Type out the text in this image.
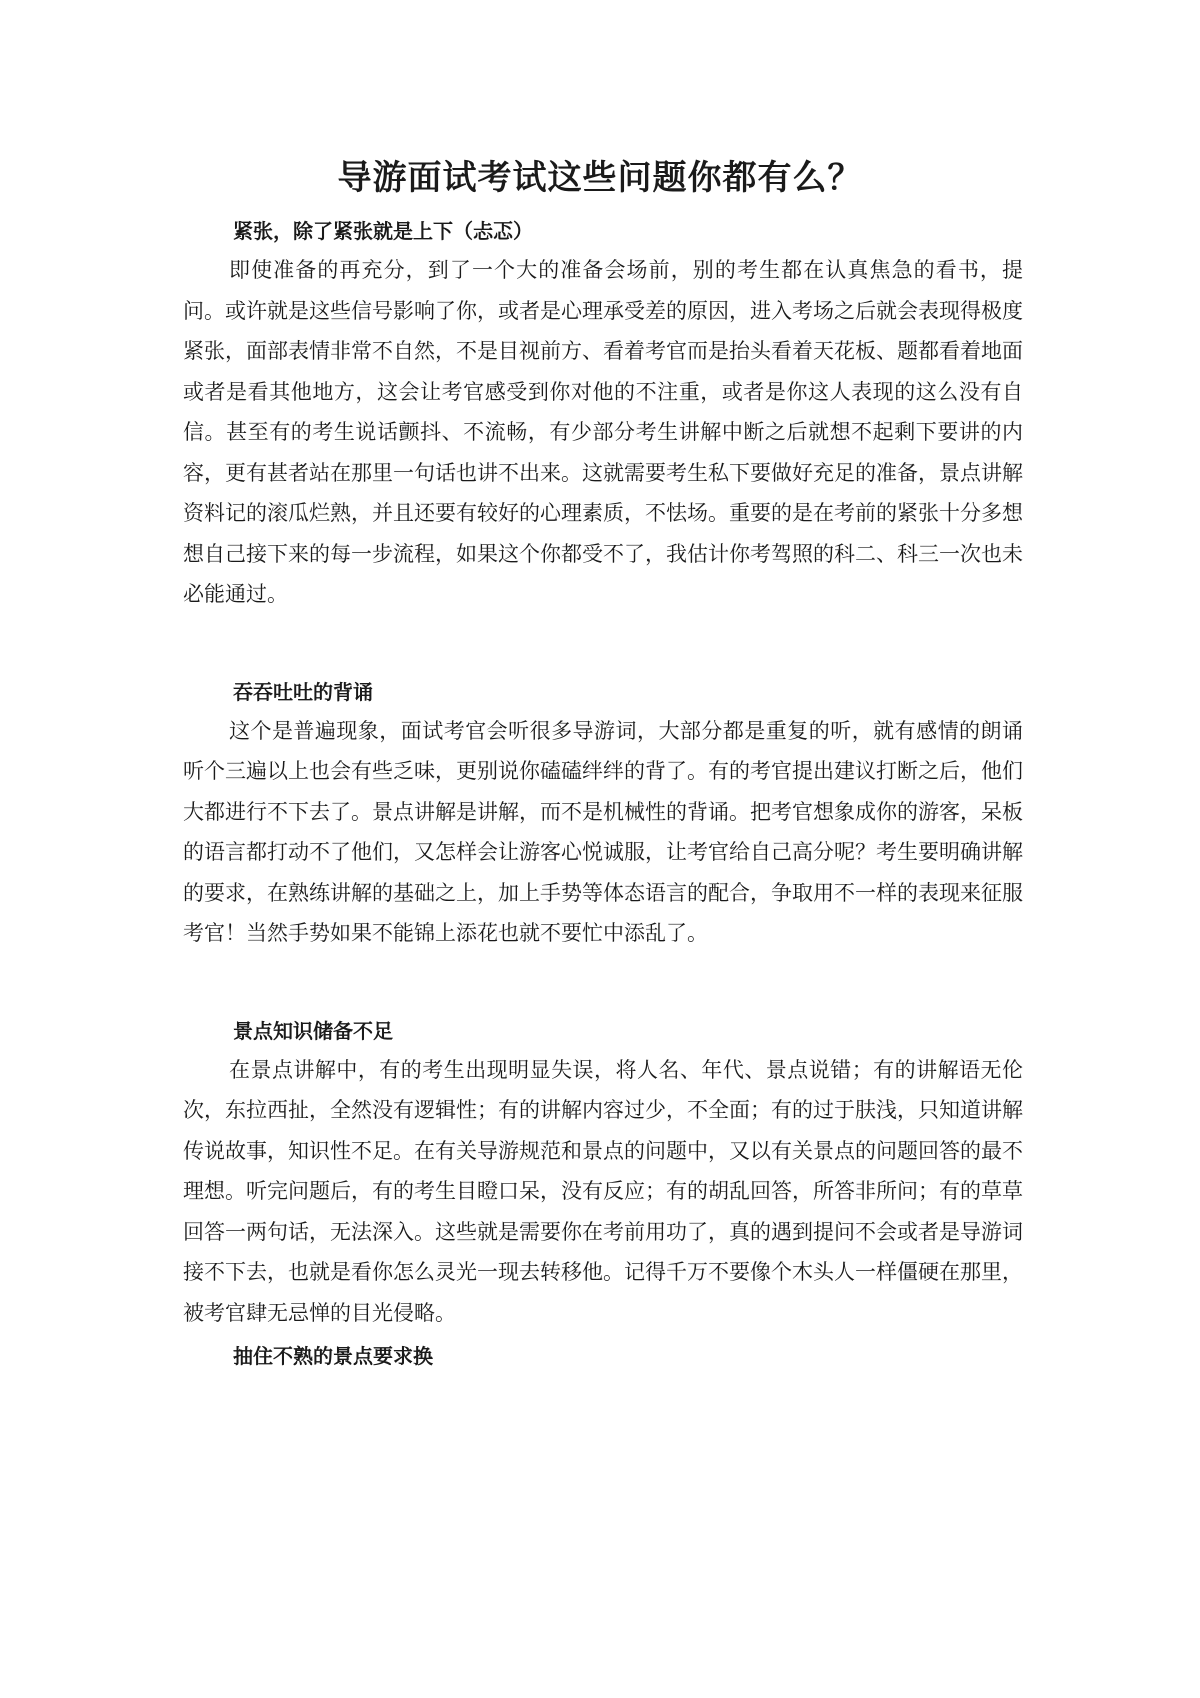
导游面试考试这些问题你都有么？

紧张，除了紧张就是上下（忐忑）

即使准备的再充分，到了一个大的准备会场前，别的考生都在认真焦急的看书，提问。或许就是这些信号影响了你，或者是心理承受差的原因，进入考场之后就会表现得极度紧张，面部表情非常不自然，不是目视前方、看着考官而是抬头看着天花板、题都看着地面或者是看其他地方，这会让考官感受到你对他的不注重，或者是你这人表现的这么没有自信。甚至有的考生说话颤抖、不流畅，有少部分考生讲解中断之后就想不起剩下要讲的内容，更有甚者站在那里一句话也讲不出来。这就需要考生私下要做好充足的准备，景点讲解资料记的滚瓜烂熟，并且还要有较好的心理素质，不怯场。重要的是在考前的紧张十分多想想自己接下来的每一步流程，如果这个你都受不了，我估计你考驾照的科二、科三一次也未必能通过。

吞吞吐吐的背诵

这个是普遍现象，面试考官会听很多导游词，大部分都是重复的听，就有感情的朗诵听个三遍以上也会有些乏味，更别说你磕磕绊绊的背了。有的考官提出建议打断之后，他们大都进行不下去了。景点讲解是讲解，而不是机械性的背诵。把考官想象成你的游客，呆板的语言都打动不了他们，又怎样会让游客心悦诚服，让考官给自己高分呢？考生要明确讲解的要求，在熟练讲解的基础之上，加上手势等体态语言的配合，争取用不一样的表现来征服考官！当然手势如果不能锦上添花也就不要忙中添乱了。

景点知识储备不足

在景点讲解中，有的考生出现明显失误，将人名、年代、景点说错；有的讲解语无伦次，东拉西扯，全然没有逻辑性；有的讲解内容过少，不全面；有的过于肤浅，只知道讲解传说故事，知识性不足。在有关导游规范和景点的问题中，又以有关景点的问题回答的最不理想。听完问题后，有的考生目瞪口呆，没有反应；有的胡乱回答，所答非所问；有的草草回答一两句话，无法深入。这些就是需要你在考前用功了，真的遇到提问不会或者是导游词接不下去，也就是看你怎么灵光一现去转移他。记得千万不要像个木头人一样僵硬在那里，被考官肆无忌惮的目光侵略。

抽住不熟的景点要求换
